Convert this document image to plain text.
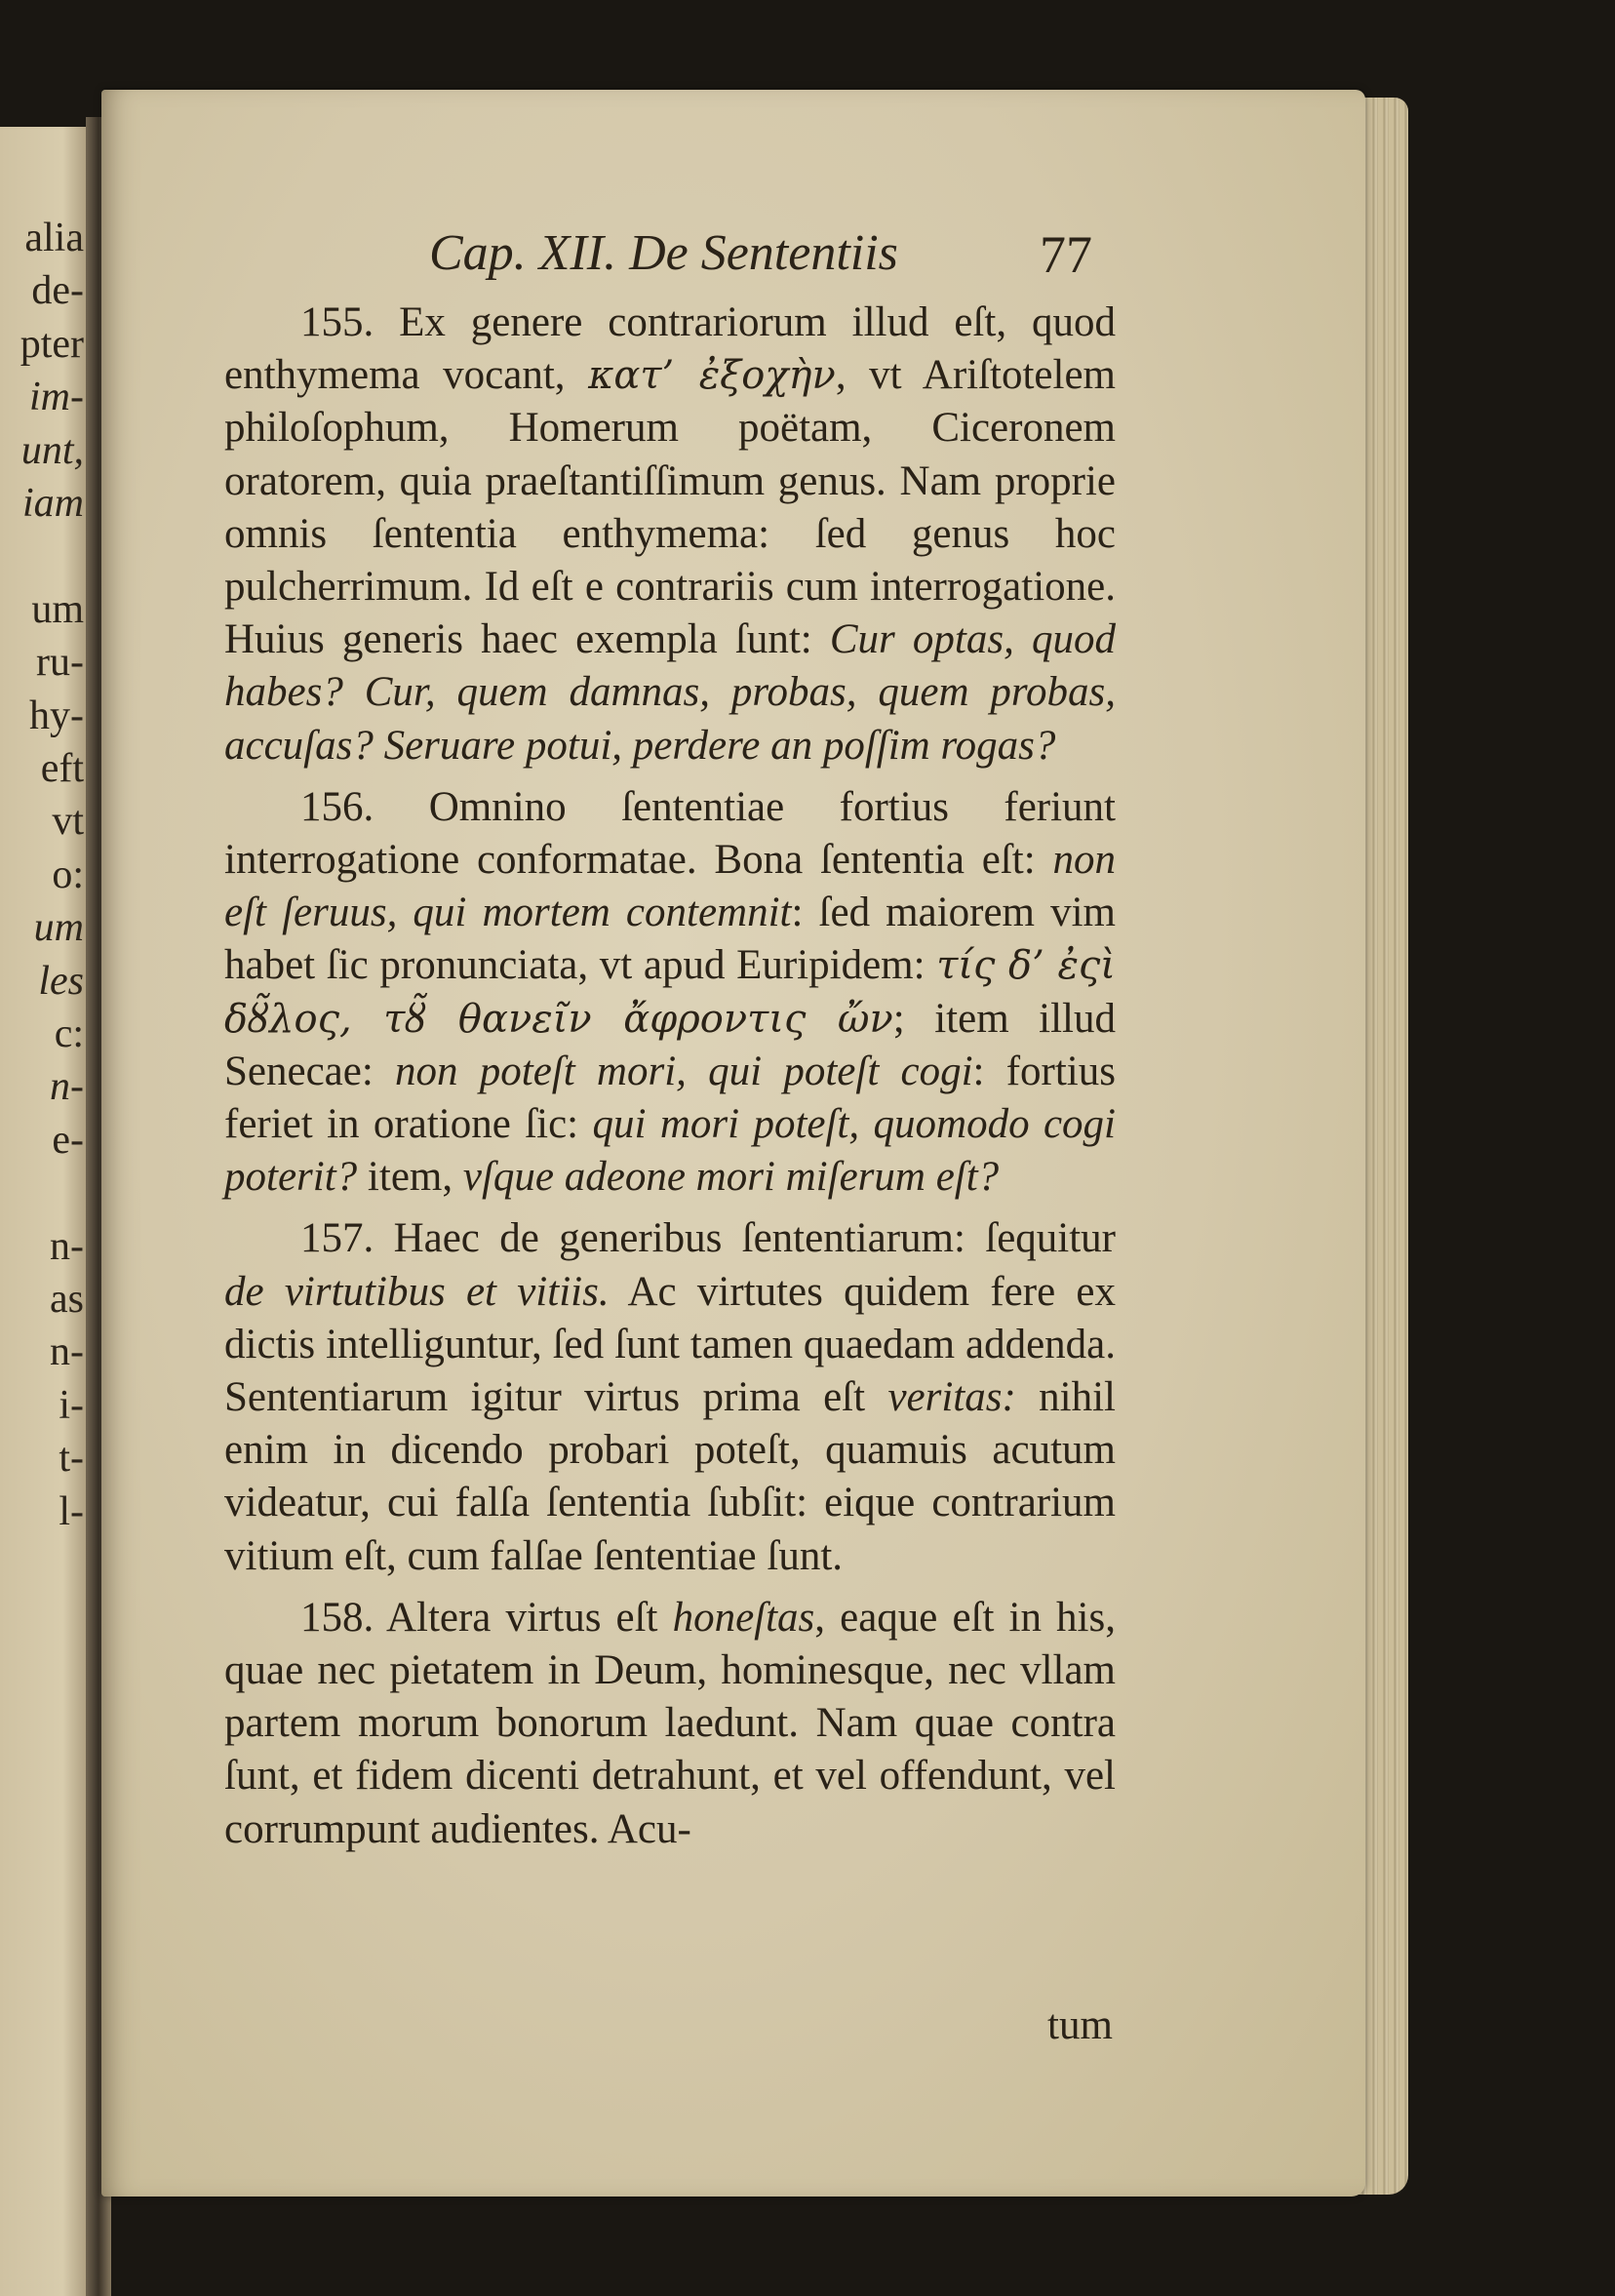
alia
de-
pter
im-
unt,
iam
um
ru-
hy-
eft
vt
o:
um
les
c:
n-
e-
n-
as
n-
i-
t-
l-
Cap. XII. De Sententiis	77

155. Ex genere contrariorum illud eſt, quod enthymema vocant, κατ’ ἐξοχὴν, vt Ariſtotelem philoſophum, Homerum poëtam, Ciceronem oratorem, quia praeſtantiſſimum genus. Nam proprie omnis ſententia enthymema: ſed genus hoc pulcherrimum. Id eſt e contrariis cum interrogatione. Huius generis haec exempla ſunt: Cur optas, quod habes? Cur, quem damnas, probas, quem probas, accuſas? Seruare potui, perdere an poſſim rogas?

156. Omnino ſententiae fortius feriunt interrogatione conformatae. Bona ſententia eſt: non eſt ſeruus, qui mortem contemnit: ſed maiorem vim habet ſic pronunciata, vt apud Euripidem: τίς δ’ ἐςὶ δȣ̃λος, τȣ̃ θανεῖν ἄφροντις ὤν; item illud Senecae: non poteſt mori, qui poteſt cogi: fortius feriet in oratione ſic: qui mori poteſt, quomodo cogi poterit? item, vſque adeone mori miſerum eſt?

157. Haec de generibus ſententiarum: ſequitur de virtutibus et vitiis. Ac virtutes quidem fere ex dictis intelliguntur, ſed ſunt tamen quaedam addenda. Sententiarum igitur virtus prima eſt veritas: nihil enim in dicendo probari poteſt, quamuis acutum videatur, cui falſa ſententia ſubſit: eique contrarium vitium eſt, cum falſae ſententiae ſunt.

158. Altera virtus eſt honeſtas, eaque eſt in his, quae nec pietatem in Deum, hominesque, nec vllam partem morum bonorum laedunt. Nam quae contra ſunt, et fidem dicenti detrahunt, et vel offendunt, vel corrumpunt audientes. Acu-

tum
